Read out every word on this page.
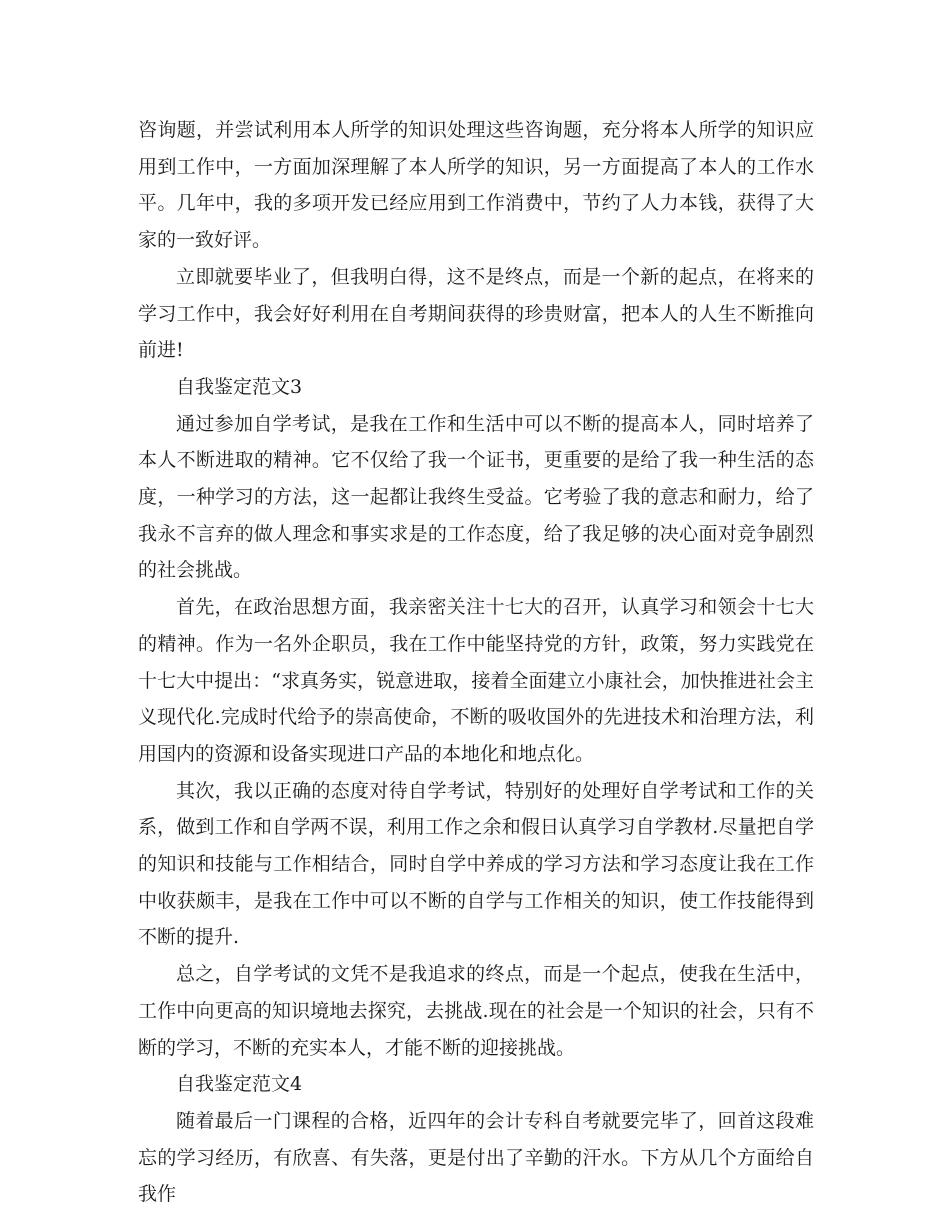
咨询题，并尝试利用本人所学的知识处理这些咨询题，充分将本人所学的知识应用到工作中，一方面加深理解了本人所学的知识，另一方面提高了本人的工作水平。几年中，我的多项开发已经应用到工作消费中，节约了人力本钱，获得了大家的一致好评。

立即就要毕业了，但我明白得，这不是终点，而是一个新的起点，在将来的学习工作中，我会好好利用在自考期间获得的珍贵财富，把本人的人生不断推向前进!

自我鉴定范文3

通过参加自学考试，是我在工作和生活中可以不断的提高本人，同时培养了本人不断进取的精神。它不仅给了我一个证书，更重要的是给了我一种生活的态度，一种学习的方法，这一起都让我终生受益。它考验了我的意志和耐力，给了我永不言弃的做人理念和事实求是的工作态度，给了我足够的决心面对竞争剧烈的社会挑战。

首先，在政治思想方面，我亲密关注十七大的召开，认真学习和领会十七大的精神。作为一名外企职员，我在工作中能坚持党的方针，政策，努力实践党在十七大中提出：“求真务实，锐意进取，接着全面建立小康社会，加快推进社会主义现代化.完成时代给予的崇高使命，不断的吸收国外的先进技术和治理方法，利用国内的资源和设备实现进口产品的本地化和地点化。

其次，我以正确的态度对待自学考试，特别好的处理好自学考试和工作的关系，做到工作和自学两不误，利用工作之余和假日认真学习自学教材.尽量把自学的知识和技能与工作相结合，同时自学中养成的学习方法和学习态度让我在工作中收获颇丰，是我在工作中可以不断的自学与工作相关的知识，使工作技能得到不断的提升.

总之，自学考试的文凭不是我追求的终点，而是一个起点，使我在生活中，工作中向更高的知识境地去探究，去挑战.现在的社会是一个知识的社会，只有不断的学习，不断的充实本人，才能不断的迎接挑战。

自我鉴定范文4

随着最后一门课程的合格，近四年的会计专科自考就要完毕了，回首这段难忘的学习经历，有欣喜、有失落，更是付出了辛勤的汗水。下方从几个方面给自我作
